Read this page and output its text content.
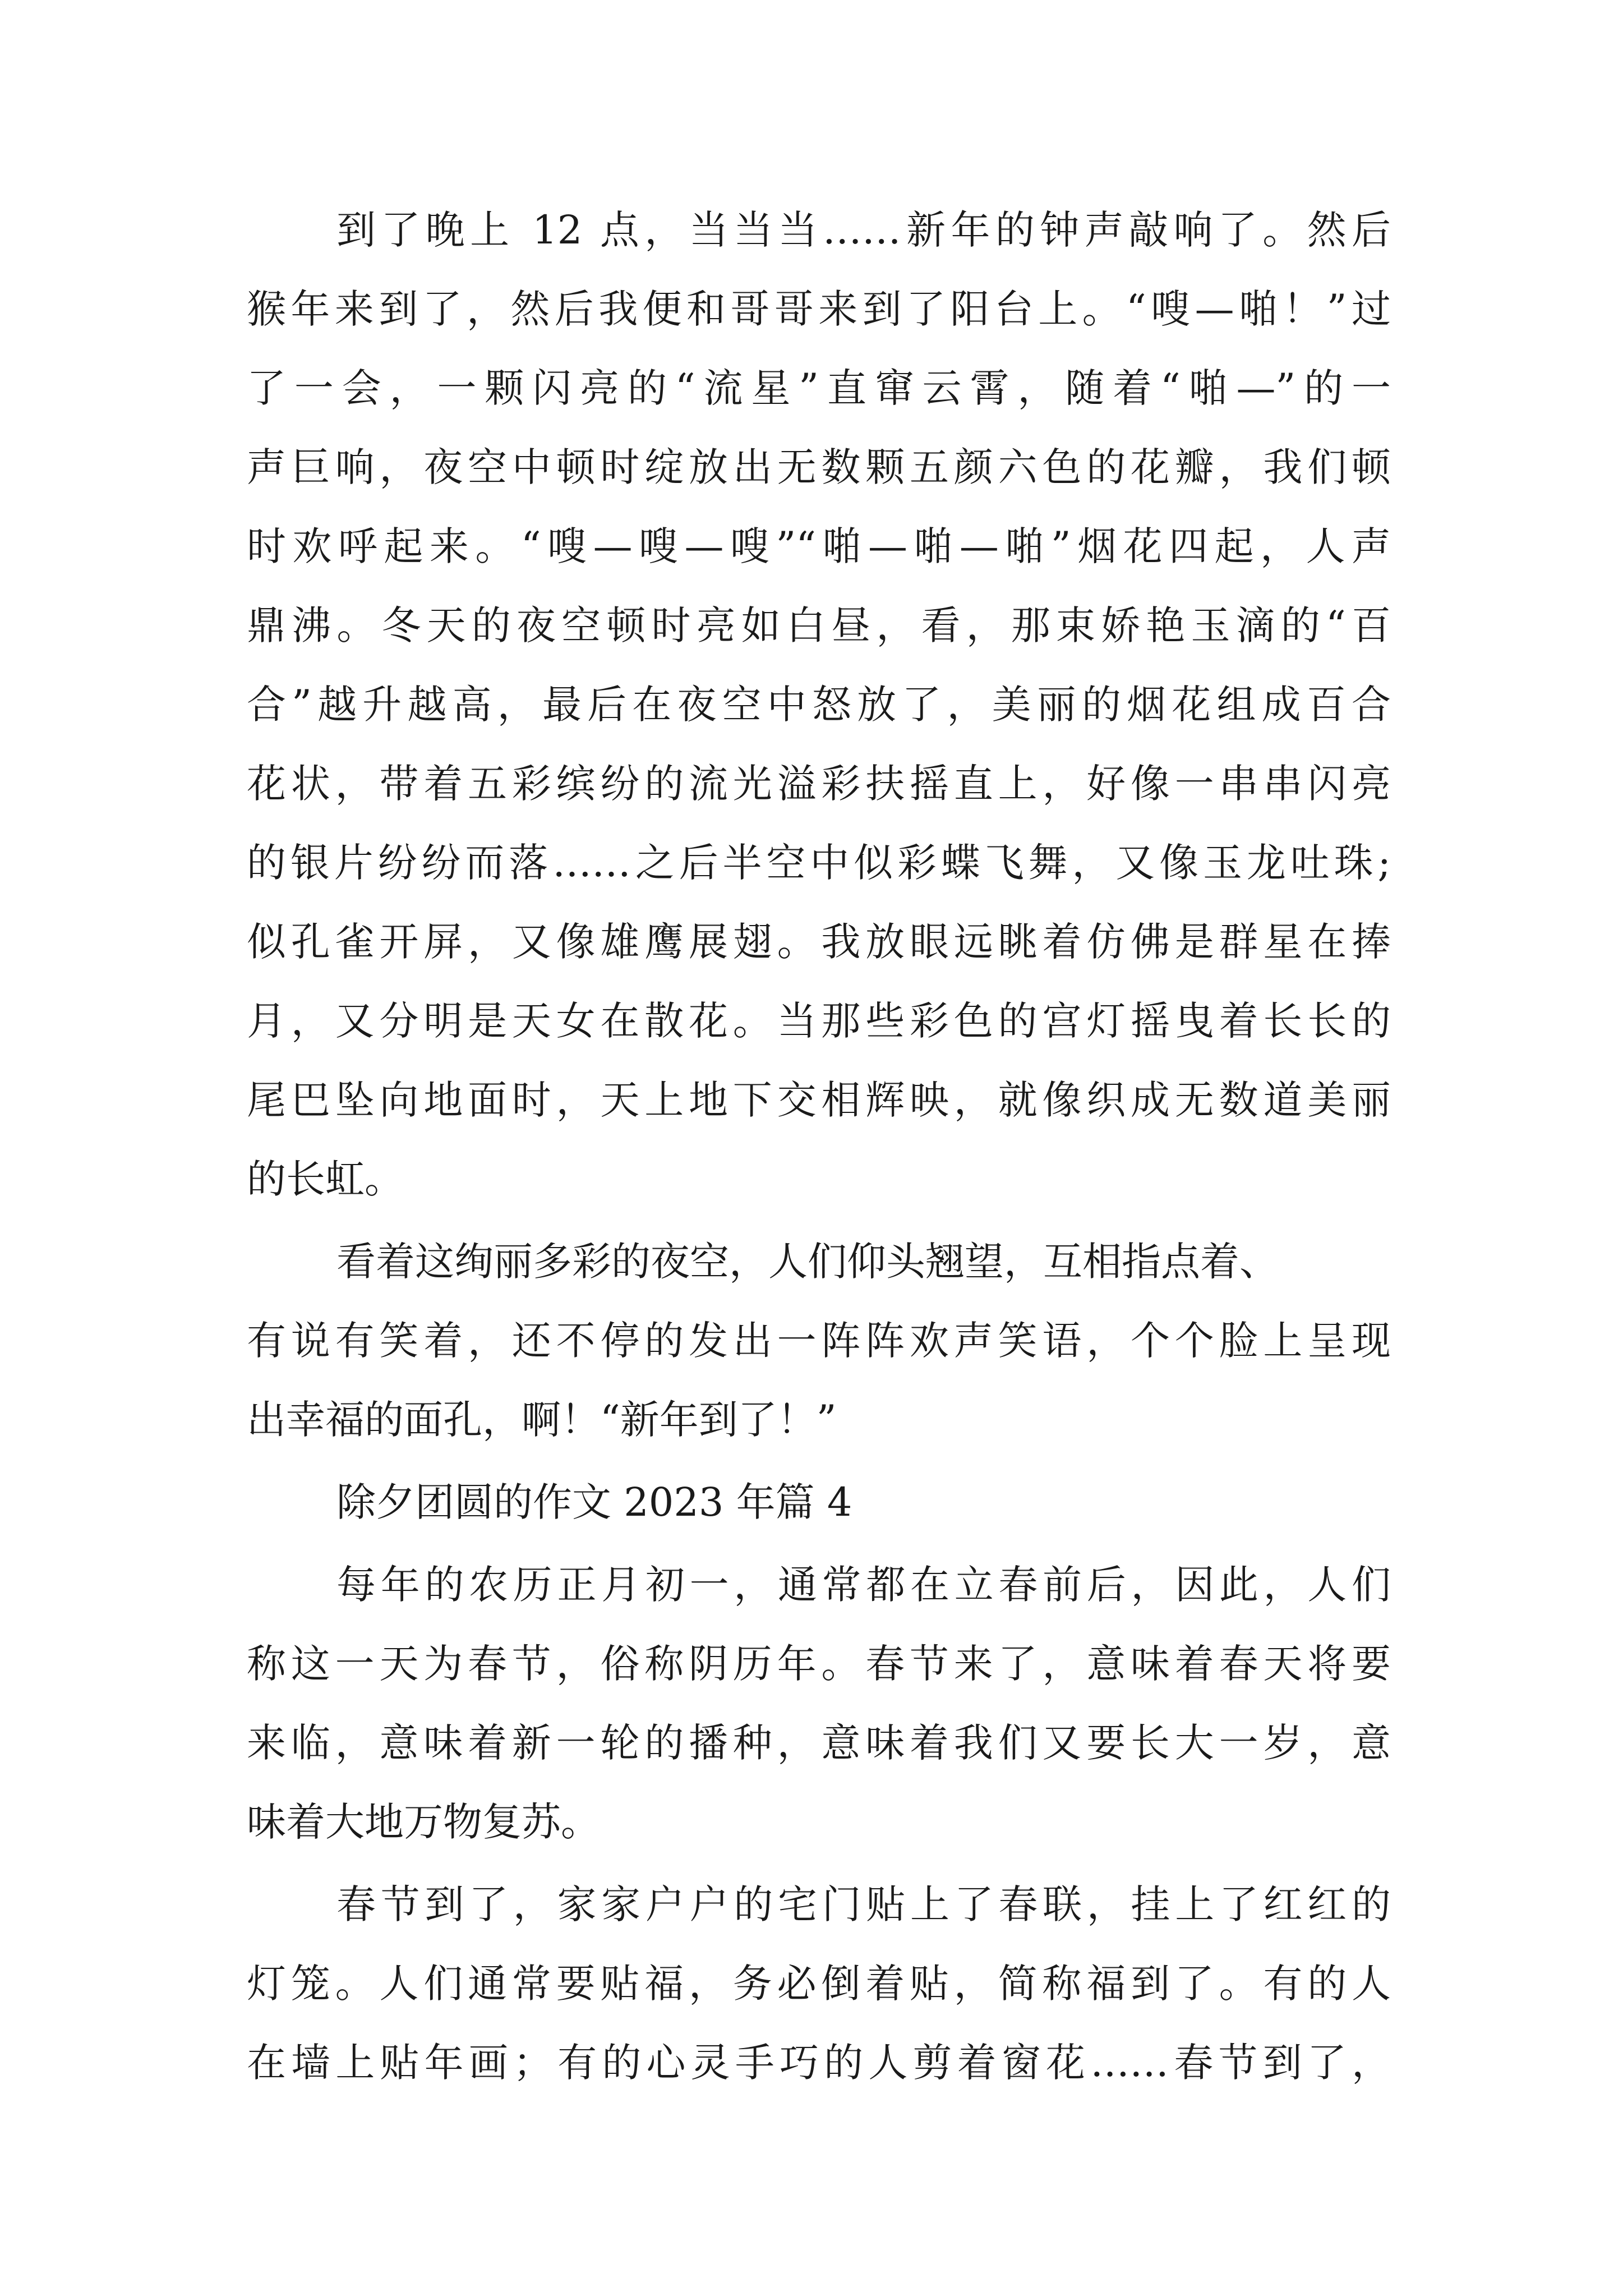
到了晚上 12 点，当当当……新年的钟声敲响了。然后
猴年来到了，然后我便和哥哥来到了阳台上。“嗖—啪！”过
了一会，一颗闪亮的“流星”直窜云霄，随着“啪—”的一
声巨响，夜空中顿时绽放出无数颗五颜六色的花瓣，我们顿
时欢呼起来。“嗖—嗖—嗖”“啪—啪—啪”烟花四起，人声
鼎沸。冬天的夜空顿时亮如白昼，看，那束娇艳玉滴的“百
合”越升越高，最后在夜空中怒放了，美丽的烟花组成百合
花状，带着五彩缤纷的流光溢彩扶摇直上，好像一串串闪亮
的银片纷纷而落……之后半空中似彩蝶飞舞，又像玉龙吐珠;
似孔雀开屏，又像雄鹰展翅。我放眼远眺着仿佛是群星在捧
月，又分明是天女在散花。当那些彩色的宫灯摇曳着长长的
尾巴坠向地面时，天上地下交相辉映，就像织成无数道美丽
的长虹。
看着这绚丽多彩的夜空，人们仰头翘望，互相指点着、
有说有笑着，还不停的发出一阵阵欢声笑语，个个脸上呈现
出幸福的面孔，啊！“新年到了！”
除夕团圆的作文 2023 年篇 4
每年的农历正月初一，通常都在立春前后，因此，人们
称这一天为春节，俗称阴历年。春节来了，意味着春天将要
来临，意味着新一轮的播种，意味着我们又要长大一岁，意
味着大地万物复苏。
春节到了，家家户户的宅门贴上了春联，挂上了红红的
灯笼。人们通常要贴福，务必倒着贴，简称福到了。有的人
在墙上贴年画；有的心灵手巧的人剪着窗花……春节到了，
